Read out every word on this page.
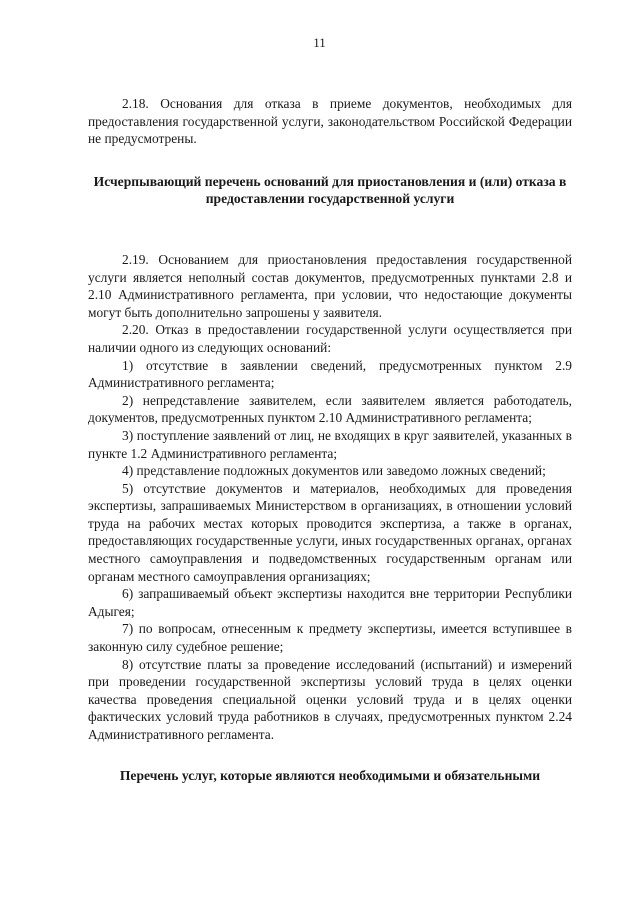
11

2.18. Основания для отказа в приеме документов, необходимых для предоставления государственной услуги, законодательством Российской Федерации не предусмотрены.

Исчерпывающий перечень оснований для приостановления и (или) отказа в предоставлении государственной услуги

2.19. Основанием для приостановления предоставления государственной услуги является неполный состав документов, предусмотренных пунктами 2.8 и 2.10 Административного регламента, при условии, что недостающие документы могут быть дополнительно запрошены у заявителя.

2.20. Отказ в предоставлении государственной услуги осуществляется при наличии одного из следующих оснований:

1) отсутствие в заявлении сведений, предусмотренных пунктом 2.9 Административного регламента;

2) непредставление заявителем, если заявителем является работодатель, документов, предусмотренных пунктом 2.10 Административного регламента;

3) поступление заявлений от лиц, не входящих в круг заявителей, указанных в пункте 1.2 Административного регламента;

4) представление подложных документов или заведомо ложных сведений;

5) отсутствие документов и материалов, необходимых для проведения экспертизы, запрашиваемых Министерством в организациях, в отношении условий труда на рабочих местах которых проводится экспертиза, а также в органах, предоставляющих государственные услуги, иных государственных органах, органах местного самоуправления и подведомственных государственным органам или органам местного самоуправления организациях;

6) запрашиваемый объект экспертизы находится вне территории Республики Адыгея;

7) по вопросам, отнесенным к предмету экспертизы, имеется вступившее в законную силу судебное решение;

8) отсутствие платы за проведение исследований (испытаний) и измерений при проведении государственной экспертизы условий труда в целях оценки качества проведения специальной оценки условий труда и в целях оценки фактических условий труда работников в случаях, предусмотренных пунктом 2.24 Административного регламента.

Перечень услуг, которые являются необходимыми и обязательными
